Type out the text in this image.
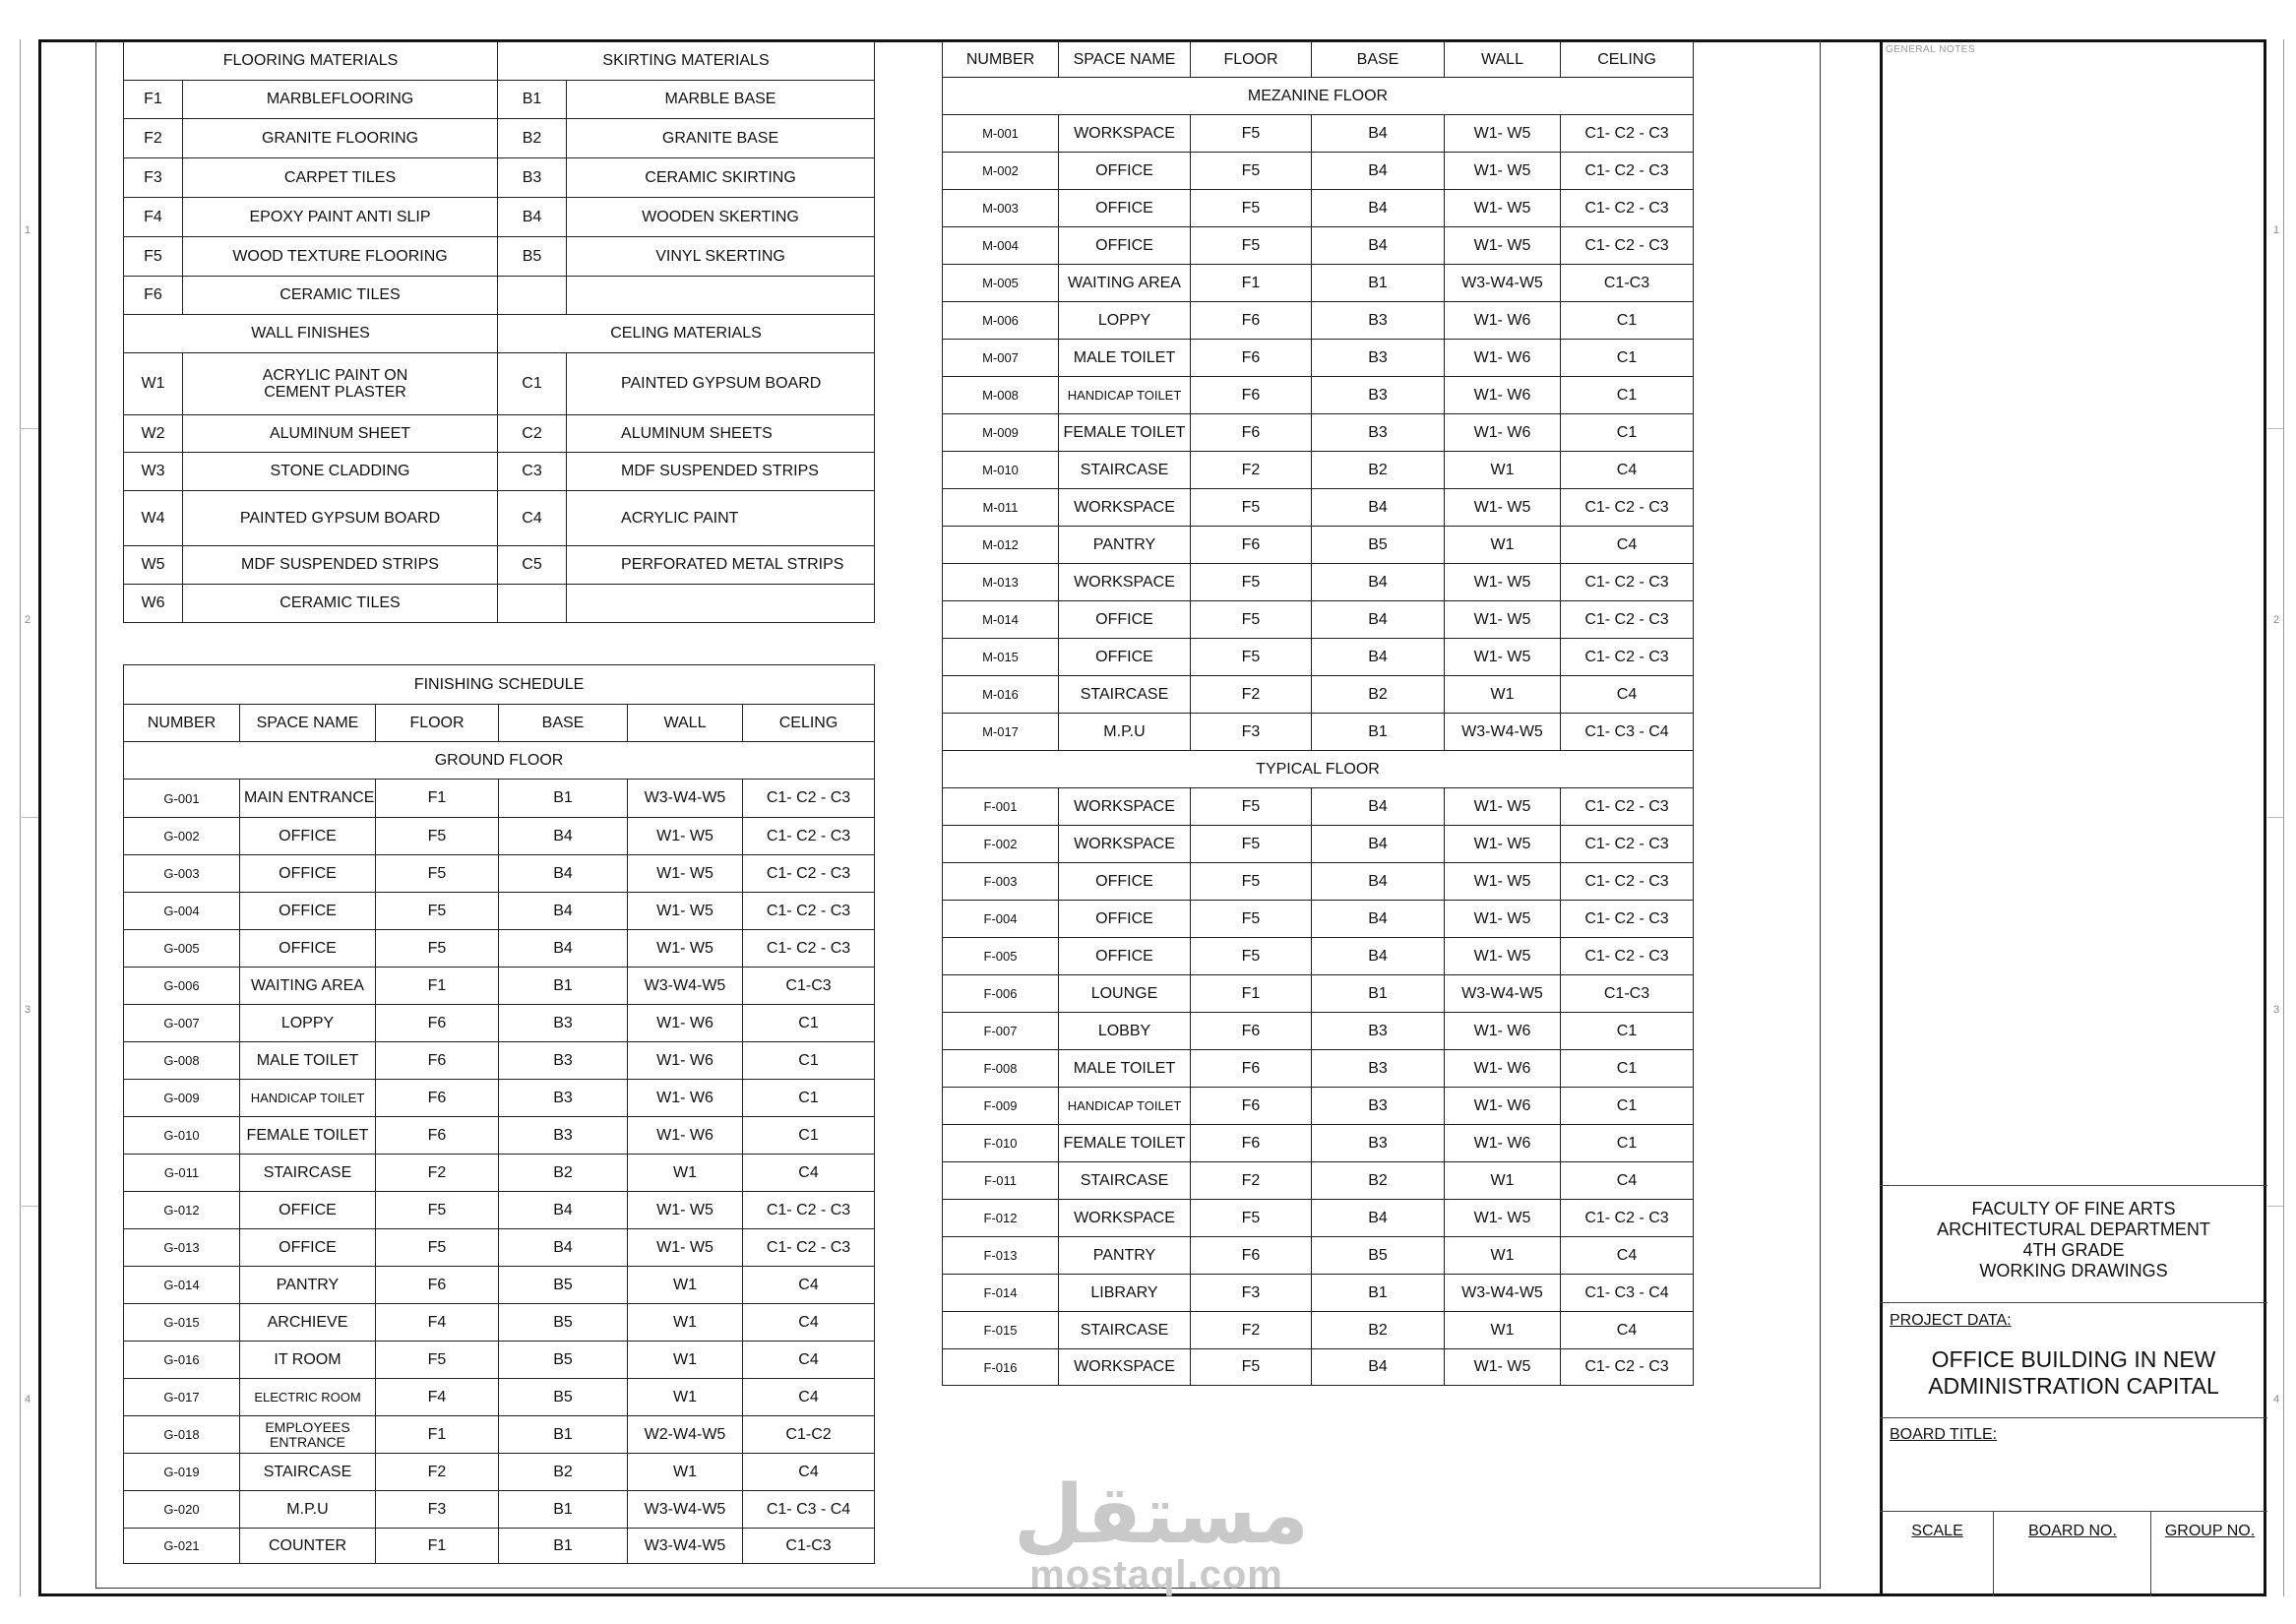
1
2
3
4
1
2
3
4
FLOORING MATERIALS		SKIRTING MATERIALS	
F1	MARBLEFLOORING	B1	MARBLE BASE
F2	GRANITE FLOORING	B2	GRANITE BASE
F3	CARPET TILES	B3	CERAMIC SKIRTING
F4	EPOXY PAINT ANTI SLIP	B4	WOODEN SKERTING
F5	WOOD TEXTURE FLOORING	B5	VINYL SKERTING
F6	CERAMIC TILES		
WALL FINISHES		CELING MATERIALS	
W1	ACRYLIC PAINT ON CEMENT PLASTER	C1	PAINTED GYPSUM BOARD
W2	ALUMINUM SHEET	C2	ALUMINUM SHEETS
W3	STONE CLADDING	C3	MDF SUSPENDED STRIPS
W4	PAINTED GYPSUM BOARD	C4	ACRYLIC PAINT
W5	MDF SUSPENDED STRIPS	C5	PERFORATED METAL STRIPS
W6	CERAMIC TILES		
FINISHING SCHEDULE					
NUMBER	SPACE NAME	FLOOR	BASE	WALL	CELING
GROUND FLOOR					
G-001	MAIN ENTRANCE	F1	B1	W3-W4-W5	C1- C2 - C3
G-002	OFFICE	F5	B4	W1- W5	C1- C2 - C3
G-003	OFFICE	F5	B4	W1- W5	C1- C2 - C3
G-004	OFFICE	F5	B4	W1- W5	C1- C2 - C3
G-005	OFFICE	F5	B4	W1- W5	C1- C2 - C3
G-006	WAITING AREA	F1	B1	W3-W4-W5	C1-C3
G-007	LOPPY	F6	B3	W1- W6	C1
G-008	MALE TOILET	F6	B3	W1- W6	C1
G-009	HANDICAP TOILET	F6	B3	W1- W6	C1
G-010	FEMALE TOILET	F6	B3	W1- W6	C1
G-011	STAIRCASE	F2	B2	W1	C4
G-012	OFFICE	F5	B4	W1- W5	C1- C2 - C3
G-013	OFFICE	F5	B4	W1- W5	C1- C2 - C3
G-014	PANTRY	F6	B5	W1	C4
G-015	ARCHIEVE	F4	B5	W1	C4
G-016	IT ROOM	F5	B5	W1	C4
G-017	ELECTRIC ROOM	F4	B5	W1	C4
G-018	EMPLOYEES ENTRANCE	F1	B1	W2-W4-W5	C1-C2
G-019	STAIRCASE	F2	B2	W1	C4
G-020	M.P.U	F3	B1	W3-W4-W5	C1- C3 - C4
G-021	COUNTER	F1	B1	W3-W4-W5	C1-C3
NUMBER	SPACE NAME	FLOOR	BASE	WALL	CELING
MEZANINE FLOOR					
M-001	WORKSPACE	F5	B4	W1- W5	C1- C2 - C3
M-002	OFFICE	F5	B4	W1- W5	C1- C2 - C3
M-003	OFFICE	F5	B4	W1- W5	C1- C2 - C3
M-004	OFFICE	F5	B4	W1- W5	C1- C2 - C3
M-005	WAITING AREA	F1	B1	W3-W4-W5	C1-C3
M-006	LOPPY	F6	B3	W1- W6	C1
M-007	MALE TOILET	F6	B3	W1- W6	C1
M-008	HANDICAP TOILET	F6	B3	W1- W6	C1
M-009	FEMALE TOILET	F6	B3	W1- W6	C1
M-010	STAIRCASE	F2	B2	W1	C4
M-011	WORKSPACE	F5	B4	W1- W5	C1- C2 - C3
M-012	PANTRY	F6	B5	W1	C4
M-013	WORKSPACE	F5	B4	W1- W5	C1- C2 - C3
M-014	OFFICE	F5	B4	W1- W5	C1- C2 - C3
M-015	OFFICE	F5	B4	W1- W5	C1- C2 - C3
M-016	STAIRCASE	F2	B2	W1	C4
M-017	M.P.U	F3	B1	W3-W4-W5	C1- C3 - C4
TYPICAL FLOOR					
F-001	WORKSPACE	F5	B4	W1- W5	C1- C2 - C3
F-002	WORKSPACE	F5	B4	W1- W5	C1- C2 - C3
F-003	OFFICE	F5	B4	W1- W5	C1- C2 - C3
F-004	OFFICE	F5	B4	W1- W5	C1- C2 - C3
F-005	OFFICE	F5	B4	W1- W5	C1- C2 - C3
F-006	LOUNGE	F1	B1	W3-W4-W5	C1-C3
F-007	LOBBY	F6	B3	W1- W6	C1
F-008	MALE TOILET	F6	B3	W1- W6	C1
F-009	HANDICAP TOILET	F6	B3	W1- W6	C1
F-010	FEMALE TOILET	F6	B3	W1- W6	C1
F-011	STAIRCASE	F2	B2	W1	C4
F-012	WORKSPACE	F5	B4	W1- W5	C1- C2 - C3
F-013	PANTRY	F6	B5	W1	C4
F-014	LIBRARY	F3	B1	W3-W4-W5	C1- C3 - C4
F-015	STAIRCASE	F2	B2	W1	C4
F-016	WORKSPACE	F5	B4	W1- W5	C1- C2 - C3
GENERAL NOTES
FACULTY OF FINE ARTS
ARCHITECTURAL DEPARTMENT
4TH GRADE
WORKING DRAWINGS
PROJECT DATA:
OFFICE BUILDING IN NEW
ADMINISTRATION CAPITAL
BOARD TITLE:
SCALE	BOARD NO.	GROUP NO.
مستقل
mostaql.com
